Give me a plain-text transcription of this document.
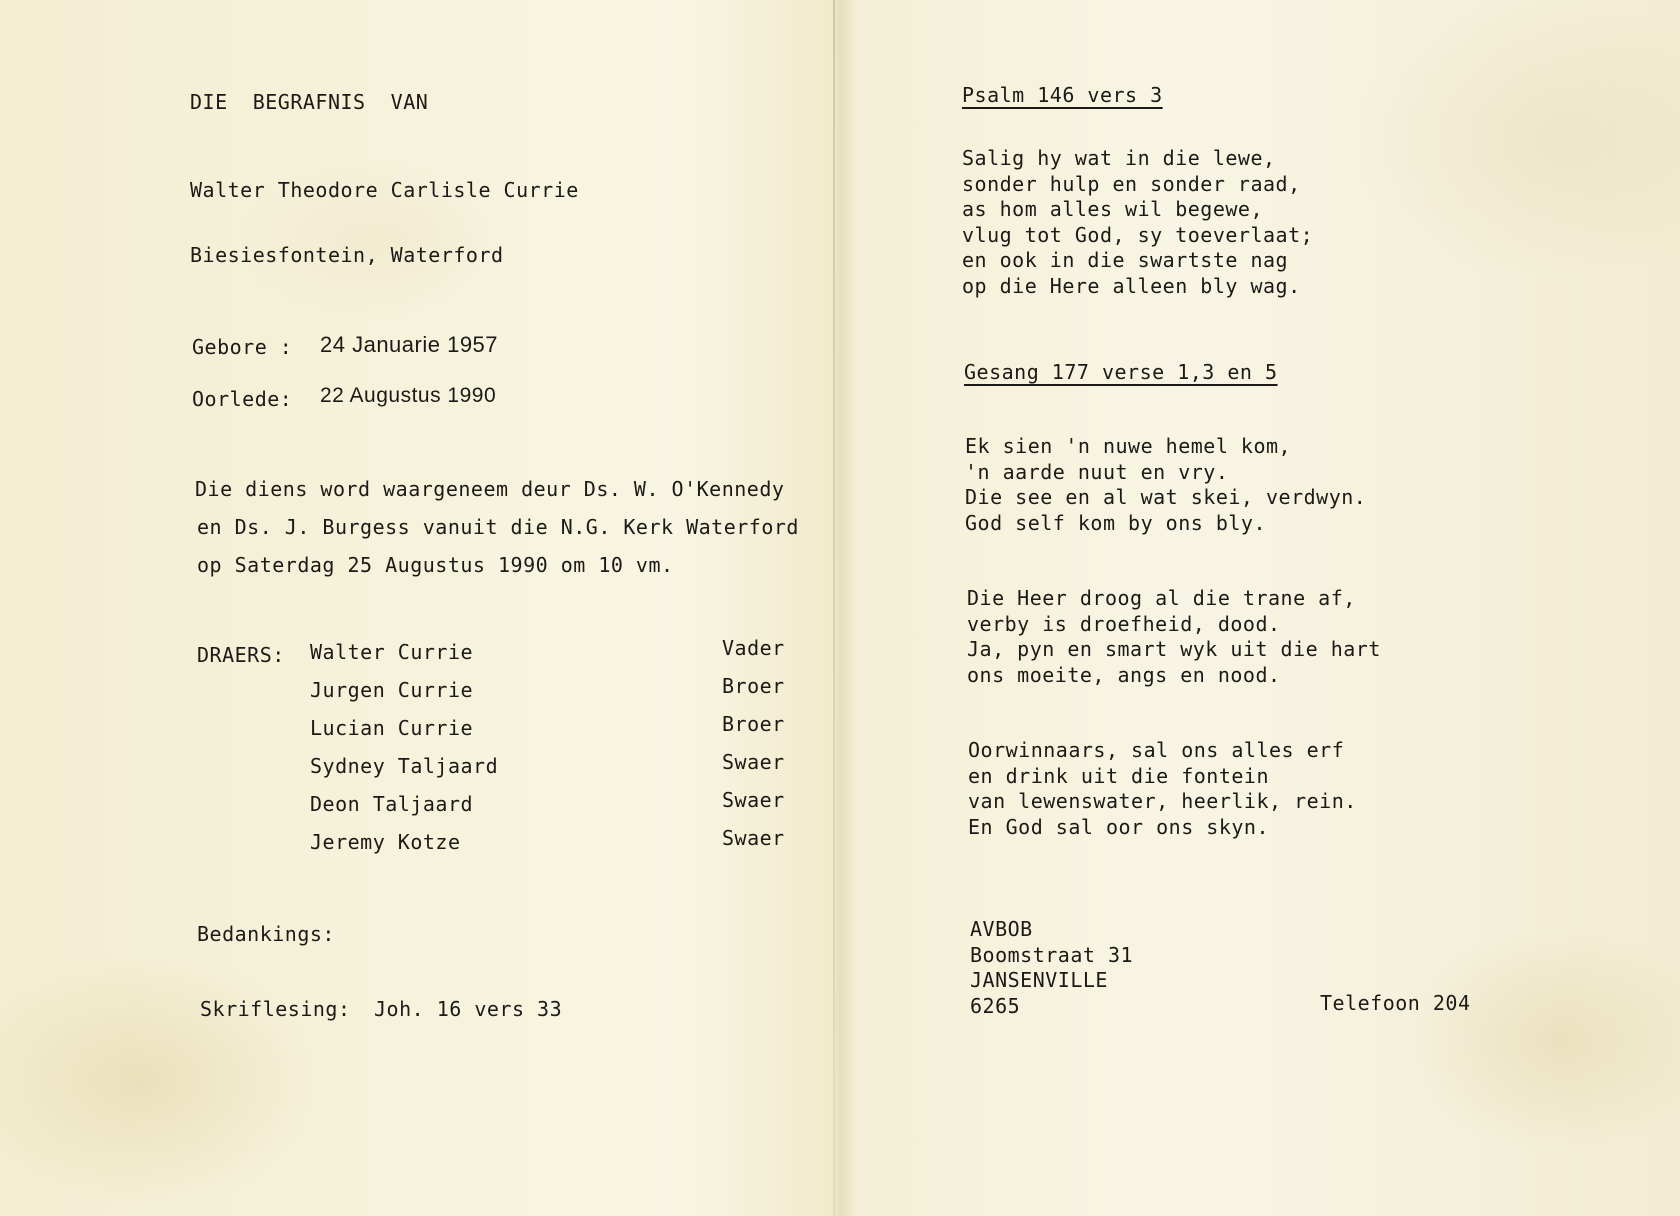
DIE  BEGRAFNIS  VAN
Walter Theodore Carlisle Currie
Biesiesfontein, Waterford
Gebore : 24 Januarie 1957
Oorlede: 22 Augustus 1990
Die diens word waargeneem deur Ds. W. O'Kennedy
en Ds. J. Burgess vanuit die N.G. Kerk Waterford
op Saterdag 25 Augustus 1990 om 10 vm.
DRAERS: Walter Currie	Vader
Jurgen Currie	Broer
Lucian Currie	Broer
Sydney Taljaard	Swaer
Deon Taljaard	Swaer
Jeremy Kotze	Swaer
Bedankings:
Skriflesing: Joh. 16 vers 33
Psalm 146 vers 3
Salig hy wat in die lewe,
sonder hulp en sonder raad,
as hom alles wil begewe,
vlug tot God, sy toeverlaat;
en ook in die swartste nag
op die Here alleen bly wag.
Gesang 177 verse 1,3 en 5
Ek sien 'n nuwe hemel kom,
'n aarde nuut en vry.
Die see en al wat skei, verdwyn.
God self kom by ons bly.
Die Heer droog al die trane af,
verby is droefheid, dood.
Ja, pyn en smart wyk uit die hart
ons moeite, angs en nood.
Oorwinnaars, sal ons alles erf
en drink uit die fontein
van lewenswater, heerlik, rein.
En God sal oor ons skyn.
AVBOB
Boomstraat 31
JANSENVILLE
6265	Telefoon 204
